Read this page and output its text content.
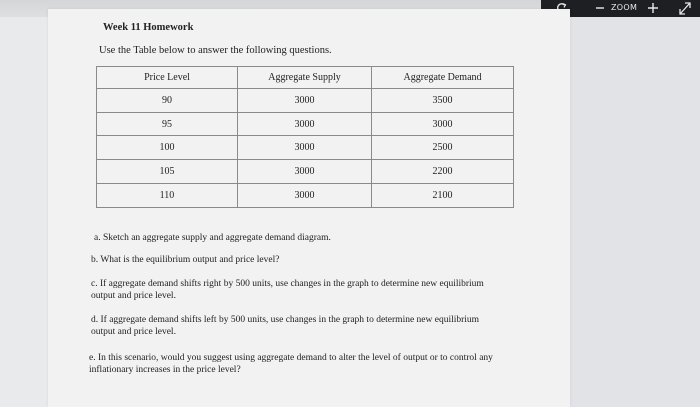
ZOOM
Week 11 Homework
Use the Table below to answer the following questions.
Price Level	Aggregate Supply	Aggregate Demand
90	3000	3500
95	3000	3000
100	3000	2500
105	3000	2200
110	3000	2100
a. Sketch an aggregate supply and aggregate demand diagram.
b. What is the equilibrium output and price level?
c. If aggregate demand shifts right by 500 units, use changes in the graph to determine new equilibrium output and price level.
d. If aggregate demand shifts left by 500 units, use changes in the graph to determine new equilibrium output and price level.
e. In this scenario, would you suggest using aggregate demand to alter the level of output or to control any inflationary increases in the price level?
